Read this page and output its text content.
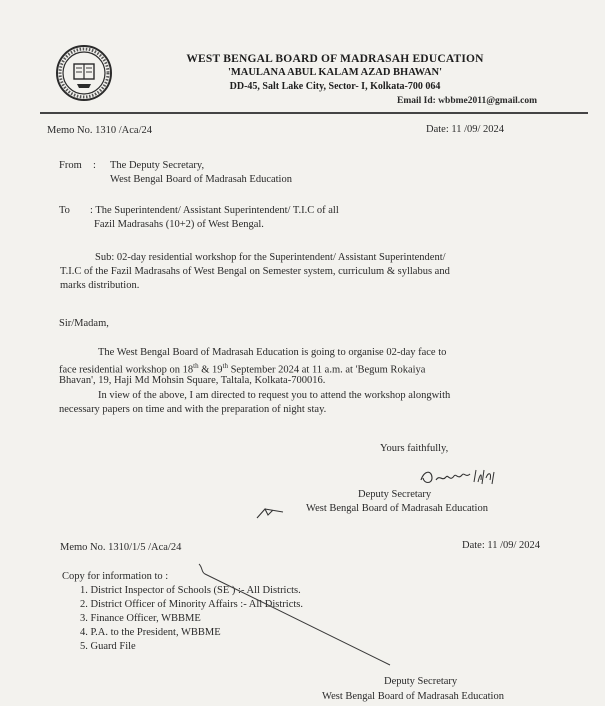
WEST BENGAL BOARD OF MADRASAH EDUCATION
'MAULANA ABUL KALAM AZAD BHAWAN'
DD-45, Salt Lake City, Sector- I, Kolkata-700 064
Email Id: wbbme2011@gmail.com
Memo No. 1310 /Aca/24	Date: 11 /09/ 2024
From : The Deputy Secretary,
West Bengal Board of Madrasah Education
To : The Superintendent/ Assistant Superintendent/ T.I.C of all
Fazil Madrasahs (10+2) of West Bengal.
Sub: 02-day residential workshop for the Superintendent/ Assistant Superintendent/
T.I.C of the Fazil Madrasahs of West Bengal on Semester system, curriculum & syllabus and
marks distribution.
Sir/Madam,
The West Bengal Board of Madrasah Education is going to organise 02-day face to
face residential workshop on 18th & 19th September 2024 at 11 a.m. at 'Begum Rokaiya
Bhavan', 19, Haji Md Mohsin Square, Taltala, Kolkata-700016.
In view of the above, I am directed to request you to attend the workshop alongwith
necessary papers on time and with the preparation of night stay.
Yours faithfully,
Deputy Secretary
West Bengal Board of Madrasah Education
Memo No. 1310/1/5 /Aca/24	Date: 11 /09/ 2024
Copy for information to :
1. District Inspector of Schools (SE ) :- All Districts.
2. District Officer of Minority Affairs :- All Districts.
3. Finance Officer, WBBME
4. P.A. to the President, WBBME
5. Guard File
Deputy Secretary
West Bengal Board of Madrasah Education
